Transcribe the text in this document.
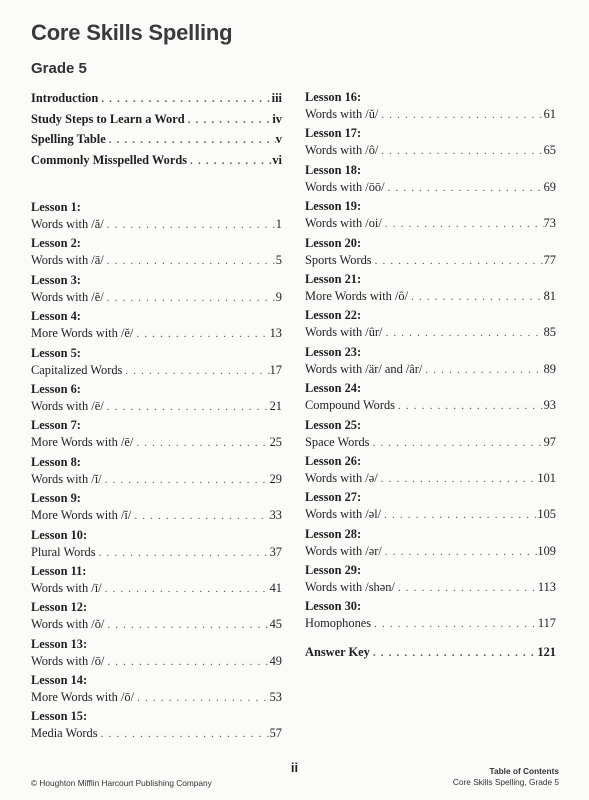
Core Skills Spelling
Grade 5
Introduction . . .	iii
Study Steps to Learn a Word . . .	iv
Spelling Table . . .	v
Commonly Misspelled Words . . .	vi
Lesson 1:
Words with /ă/ . . .	1
Lesson 2:
Words with /ā/ . . .	5
Lesson 3:
Words with /ĕ/ . . .	9
Lesson 4:
More Words with /ĕ/ . . .	13
Lesson 5:
Capitalized Words . . .	17
Lesson 6:
Words with /ē/ . . .	21
Lesson 7:
More Words with /ē/ . . .	25
Lesson 8:
Words with /ĭ/ . . .	29
Lesson 9:
More Words with /ĭ/ . . .	33
Lesson 10:
Plural Words . . .	37
Lesson 11:
Words with /ī/ . . .	41
Lesson 12:
Words with /ŏ/ . . .	45
Lesson 13:
Words with /ō/ . . .	49
Lesson 14:
More Words with /ō/ . . .	53
Lesson 15:
Media Words . . .	57
Lesson 16:
Words with /ŭ/ . . .	61
Lesson 17:
Words with /ô/ . . .	65
Lesson 18:
Words with /ōō/ . . .	69
Lesson 19:
Words with /oi/ . . .	73
Lesson 20:
Sports Words . . .	77
Lesson 21:
More Words with /ô/ . . .	81
Lesson 22:
Words with /ûr/ . . .	85
Lesson 23:
Words with /är/ and /âr/ . . .	89
Lesson 24:
Compound Words . . .	93
Lesson 25:
Space Words . . .	97
Lesson 26:
Words with /ə/ . . .	101
Lesson 27:
Words with /əl/ . . .	105
Lesson 28:
Words with /ər/ . . .	109
Lesson 29:
Words with /shən/ . . .	113
Lesson 30:
Homophones . . .	117
Answer Key . . .	121
ii
© Houghton Mifflin Harcourt Publishing Company
Table of Contents
Core Skills Spelling, Grade 5
